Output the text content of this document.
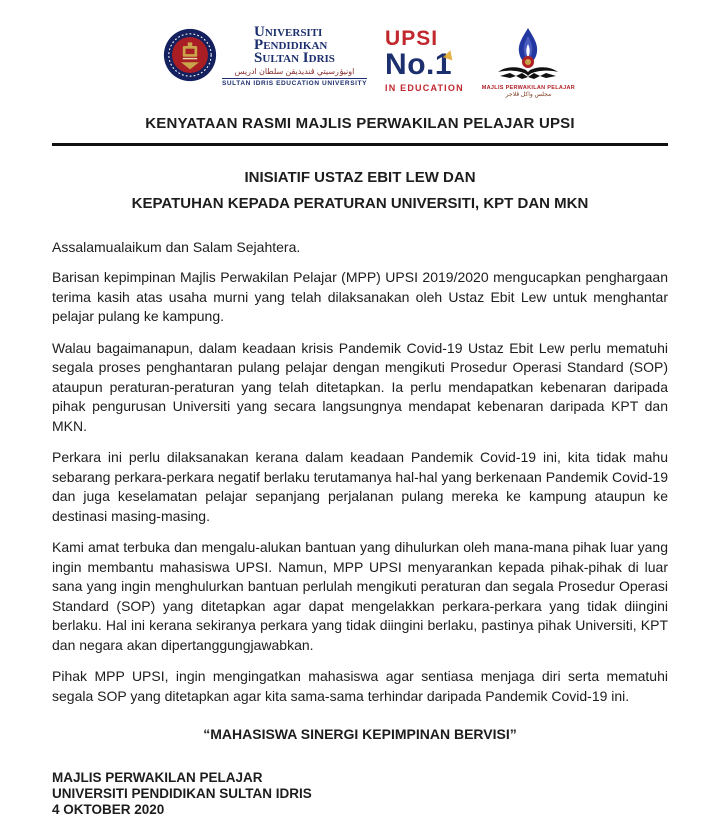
Universiti
Pendidikan
Sultan Idris
اونيۏرسيتي ڤنديديقن سلطان ادريس
SULTAN IDRIS EDUCATION UNIVERSITY
UPSI
No.1
IN EDUCATION	MAJLIS PERWAKILAN PELAJAR
مجلس واكل ڤلاجر
KENYATAAN RASMI MAJLIS PERWAKILAN PELAJAR UPSI
INISIATIF USTAZ EBIT LEW DAN
KEPATUHAN KEPADA PERATURAN UNIVERSITI, KPT DAN MKN
Assalamualaikum dan Salam Sejahtera.

Barisan kepimpinan Majlis Perwakilan Pelajar (MPP) UPSI 2019/2020 mengucapkan penghargaan terima kasih atas usaha murni yang telah dilaksanakan oleh Ustaz Ebit Lew untuk menghantar pelajar pulang ke kampung.

Walau bagaimanapun, dalam keadaan krisis Pandemik Covid-19 Ustaz Ebit Lew perlu mematuhi segala proses penghantaran pulang pelajar dengan mengikuti Prosedur Operasi Standard (SOP) ataupun peraturan-peraturan yang telah ditetapkan. Ia perlu mendapatkan kebenaran daripada pihak pengurusan Universiti yang secara langsungnya mendapat kebenaran daripada KPT dan MKN.

Perkara ini perlu dilaksanakan kerana dalam keadaan Pandemik Covid-19 ini, kita tidak mahu sebarang perkara-perkara negatif berlaku terutamanya hal-hal yang berkenaan Pandemik Covid-19 dan juga keselamatan pelajar sepanjang perjalanan pulang mereka ke kampung ataupun ke destinasi masing-masing.

Kami amat terbuka dan mengalu-alukan bantuan yang dihulurkan oleh mana-mana pihak luar yang ingin membantu mahasiswa UPSI. Namun, MPP UPSI menyarankan kepada pihak-pihak di luar sana yang ingin menghulurkan bantuan perlulah mengikuti peraturan dan segala Prosedur Operasi Standard (SOP) yang ditetapkan agar dapat mengelakkan perkara-perkara yang tidak diingini berlaku. Hal ini kerana sekiranya perkara yang tidak diingini berlaku, pastinya pihak Universiti, KPT dan negara akan dipertanggungjawabkan.

Pihak MPP UPSI, ingin mengingatkan mahasiswa agar sentiasa menjaga diri serta mematuhi segala SOP yang ditetapkan agar kita sama-sama terhindar daripada Pandemik Covid-19 ini.

“MAHASISWA SINERGI KEPIMPINAN BERVISI”
MAJLIS PERWAKILAN PELAJAR
UNIVERSITI PENDIDIKAN SULTAN IDRIS
4 OKTOBER 2020
